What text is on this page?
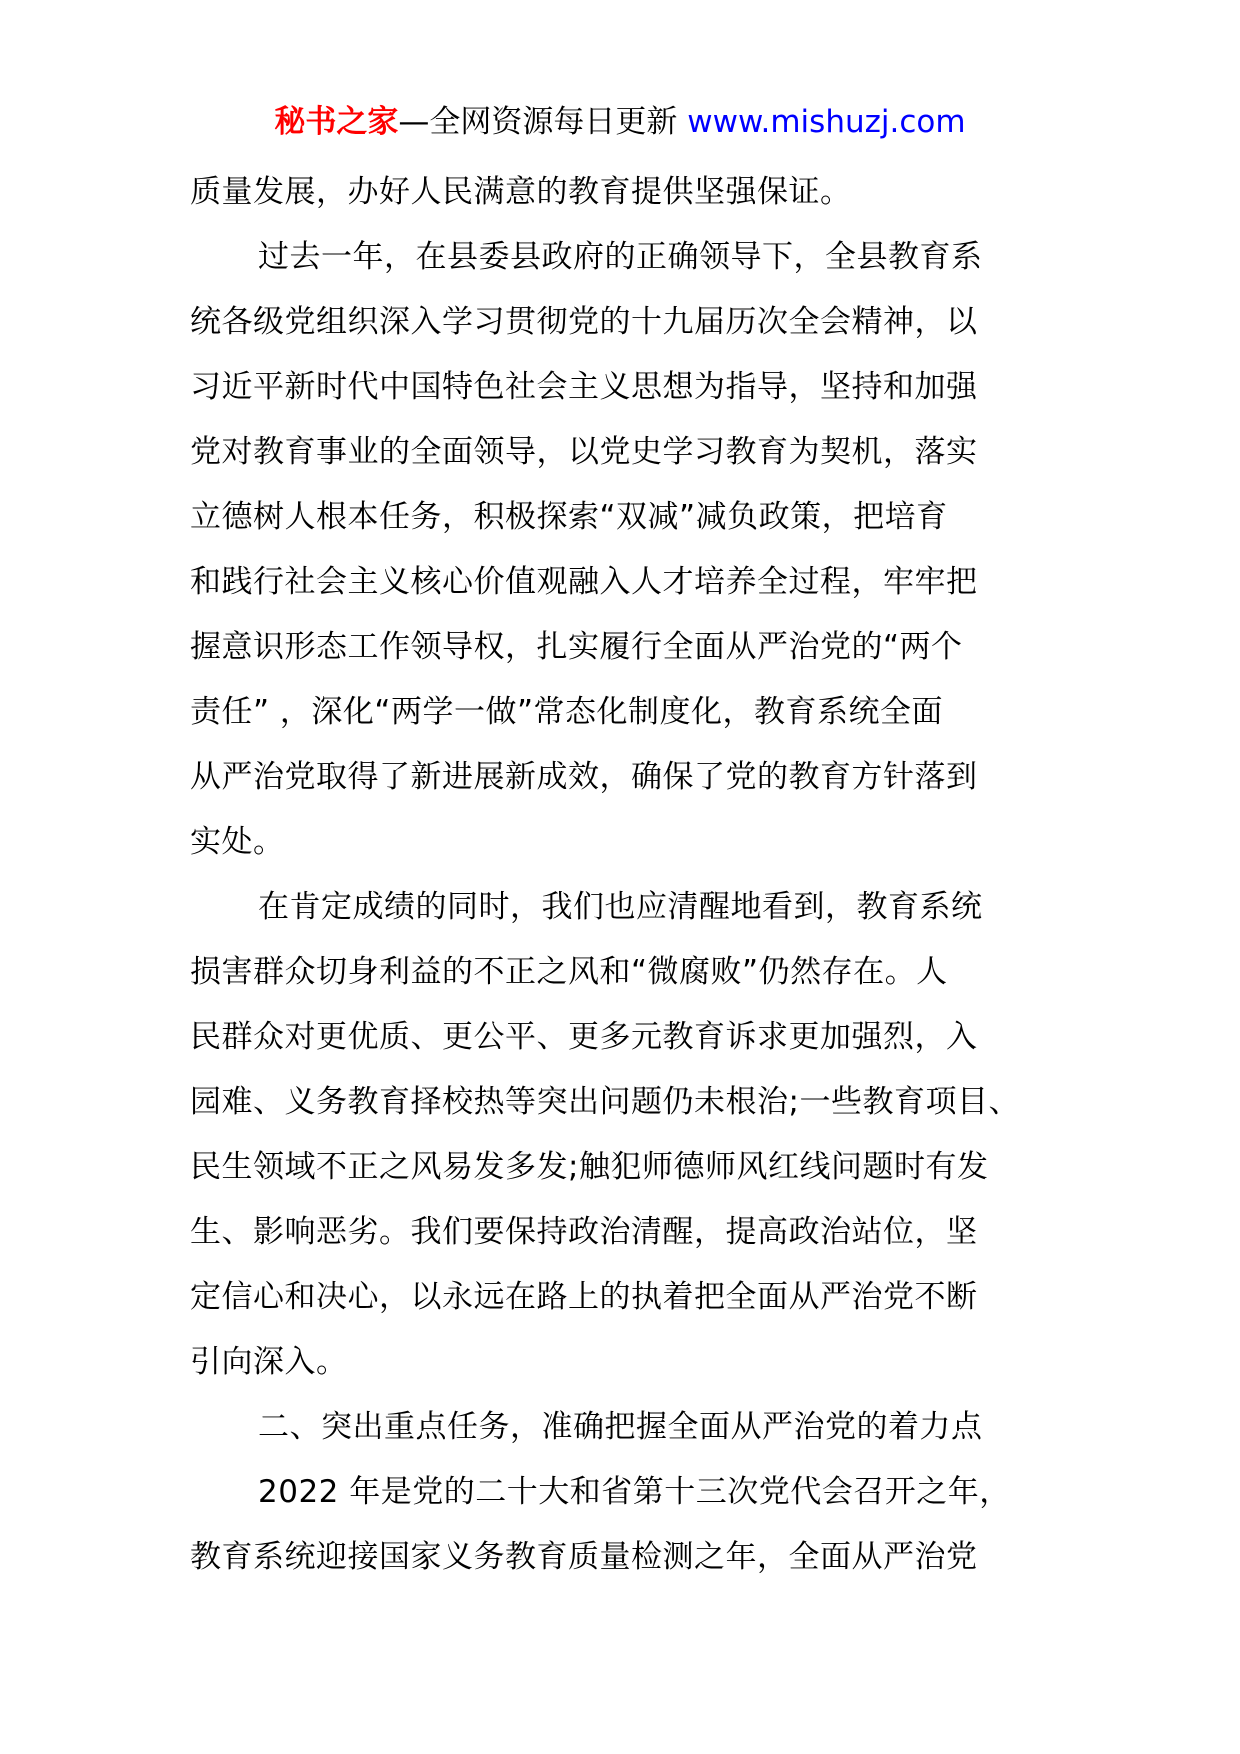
秘书之家—全网资源每日更新 www.mishuzj.com
质量发展，办好人民满意的教育提供坚强保证。
过去一年，在县委县政府的正确领导下，全县教育系
统各级党组织深入学习贯彻党的十九届历次全会精神，以
习近平新时代中国特色社会主义思想为指导，坚持和加强
党对教育事业的全面领导，以党史学习教育为契机，落实
立德树人根本任务，积极探索“双减”减负政策，把培育
和践行社会主义核心价值观融入人才培养全过程，牢牢把
握意识形态工作领导权，扎实履行全面从严治党的“两个
责任” ，深化“两学一做”常态化制度化，教育系统全面
从严治党取得了新进展新成效，确保了党的教育方针落到
实处。
在肯定成绩的同时，我们也应清醒地看到，教育系统
损害群众切身利益的不正之风和“微腐败”仍然存在。人
民群众对更优质、更公平、更多元教育诉求更加强烈，入
园难、义务教育择校热等突出问题仍未根治;一些教育项目、
民生领域不正之风易发多发;触犯师德师风红线问题时有发
生、影响恶劣。我们要保持政治清醒，提高政治站位，坚
定信心和决心，以永远在路上的执着把全面从严治党不断
引向深入。
二、突出重点任务，准确把握全面从严治党的着力点
2022 年是党的二十大和省第十三次党代会召开之年，
教育系统迎接国家义务教育质量检测之年，全面从严治党
